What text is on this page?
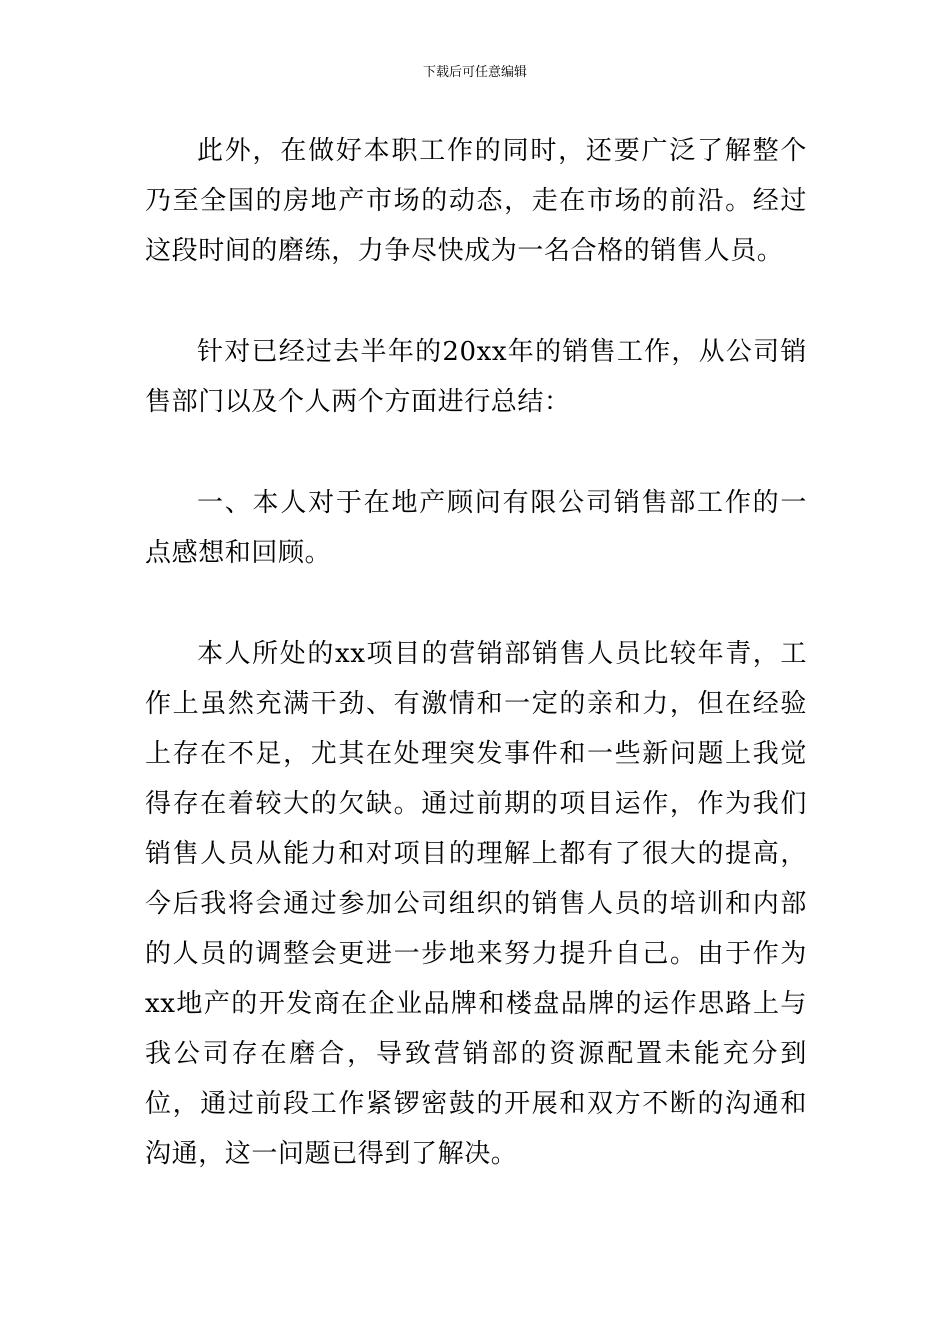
下载后可任意编辑

此外，在做好本职工作的同时，还要广泛了解整个乃至全国的房地产市场的动态，走在市场的前沿。经过这段时间的磨练，力争尽快成为一名合格的销售人员。

针对已经过去半年的20xx年的销售工作，从公司销售部门以及个人两个方面进行总结：

一、本人对于在地产顾问有限公司销售部工作的一点感想和回顾。

本人所处的xx项目的营销部销售人员比较年青，工作上虽然充满干劲、有激情和一定的亲和力，但在经验上存在不足，尤其在处理突发事件和一些新问题上我觉得存在着较大的欠缺。通过前期的项目运作，作为我们销售人员从能力和对项目的理解上都有了很大的提高，今后我将会通过参加公司组织的销售人员的培训和内部的人员的调整会更进一步地来努力提升自己。由于作为xx地产的开发商在企业品牌和楼盘品牌的运作思路上与我公司存在磨合，导致营销部的资源配置未能充分到位，通过前段工作紧锣密鼓的开展和双方不断的沟通和沟通，这一问题已得到了解决。
